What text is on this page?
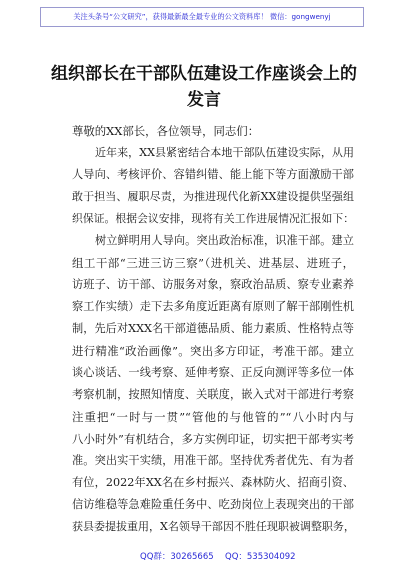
关注头条号“公文研究”，获得最新最全最专业的公文资料库！ 微信：gongwenyj
组织部长在干部队伍建设工作座谈会上的
发言
尊敬的XX部长，各位领导，同志们：
近年来，XX县紧密结合本地干部队伍建设实际，从用
人导向、考核评价、容错纠错、能上能下等方面激励干部
敢于担当、履职尽责，为推进现代化新XX建设提供坚强组
织保证。根据会议安排，现将有关工作进展情况汇报如下：
树立鲜明用人导向。突出政治标准，识准干部。建立
组工干部“三进三访三察”（进机关、进基层、进班子，
访班子、访干部、访服务对象，察政治品质、察专业素养
察工作实绩）走下去多角度近距离有原则了解干部刚性机
制，先后对XXX名干部道德品质、能力素质、性格特点等
进行精准“政治画像”。突出多方印证，考准干部。建立
谈心谈话、一线考察、延伸考察、正反向测评等多位一体
考察机制，按照知情度、关联度，嵌入式对干部进行考察
注重把“一时与一贯”“管他的与他管的”“八小时内与
八小时外”有机结合，多方实例印证，切实把干部考实考
准。突出实干实绩，用准干部。坚持优秀者优先、有为者
有位，2022年XX名在乡村振兴、森林防火、招商引资、
信访维稳等急难险重任务中、吃劲岗位上表现突出的干部
获县委提拔重用，X名领导干部因不胜任现职被调整职务，
QQ群：30265665 QQ：535304092
